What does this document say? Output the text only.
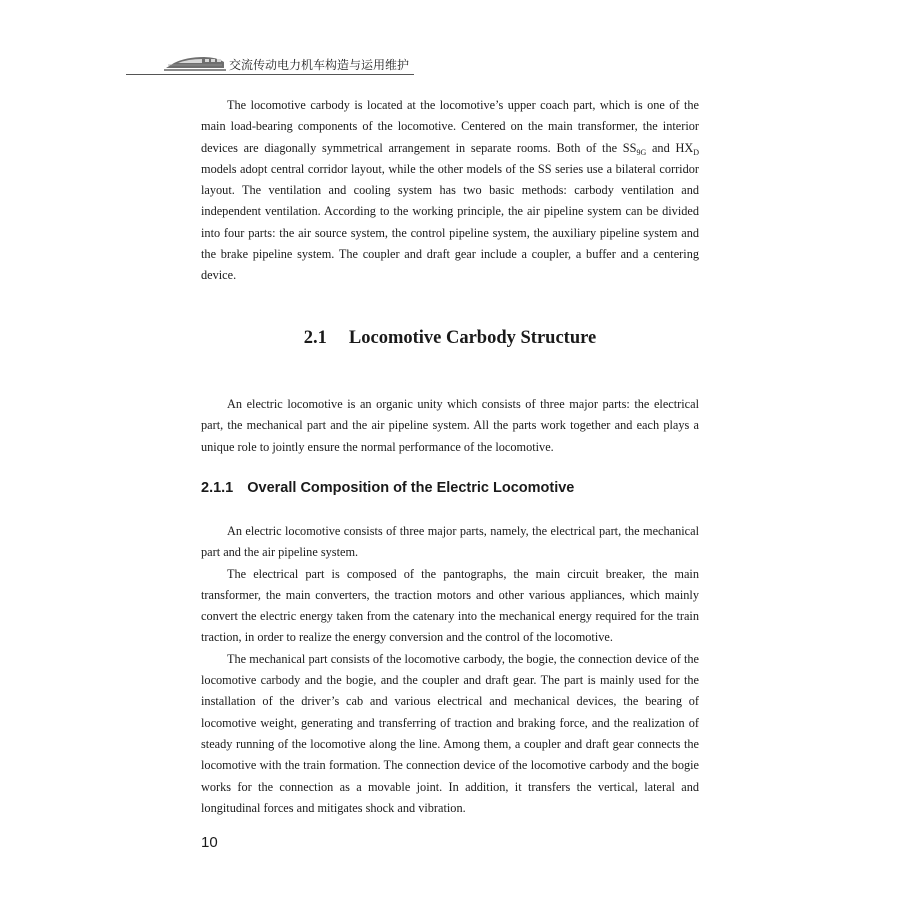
交流传动电力机车构造与运用维护

The locomotive carbody is located at the locomotive’s upper coach part, which is one of the main load-bearing components of the locomotive. Centered on the main transformer, the interior devices are diagonally symmetrical arrangement in separate rooms. Both of the $SS_{9G}$ and $HX_D$ models adopt central corridor layout, while the other models of the SS series use a bilateral corridor layout. The ventilation and cooling system has two basic methods: carbody ventilation and independent ventilation. According to the working principle, the air pipeline system can be divided into four parts: the air source system, the control pipeline system, the auxiliary pipeline system and the brake pipeline system. The coupler and draft gear include a coupler, a buffer and a centering device.

2.1 Locomotive Carbody Structure

An electric locomotive is an organic unity which consists of three major parts: the electrical part, the mechanical part and the air pipeline system. All the parts work together and each plays a unique role to jointly ensure the normal performance of the locomotive.

2.1.1 Overall Composition of the Electric Locomotive

An electric locomotive consists of three major parts, namely, the electrical part, the mechanical part and the air pipeline system.

The electrical part is composed of the pantographs, the main circuit breaker, the main transformer, the main converters, the traction motors and other various appliances, which mainly convert the electric energy taken from the catenary into the mechanical energy required for the train traction, in order to realize the energy conversion and the control of the locomotive.

The mechanical part consists of the locomotive carbody, the bogie, the connection device of the locomotive carbody and the bogie, and the coupler and draft gear. The part is mainly used for the installation of the driver’s cab and various electrical and mechanical devices, the bearing of locomotive weight, generating and transferring of traction and braking force, and the realization of steady running of the locomotive along the line. Among them, a coupler and draft gear connects the locomotive with the train formation. The connection device of the locomotive carbody and the bogie works for the connection as a movable joint. In addition, it transfers the vertical, lateral and longitudinal forces and mitigates shock and vibration.

10
